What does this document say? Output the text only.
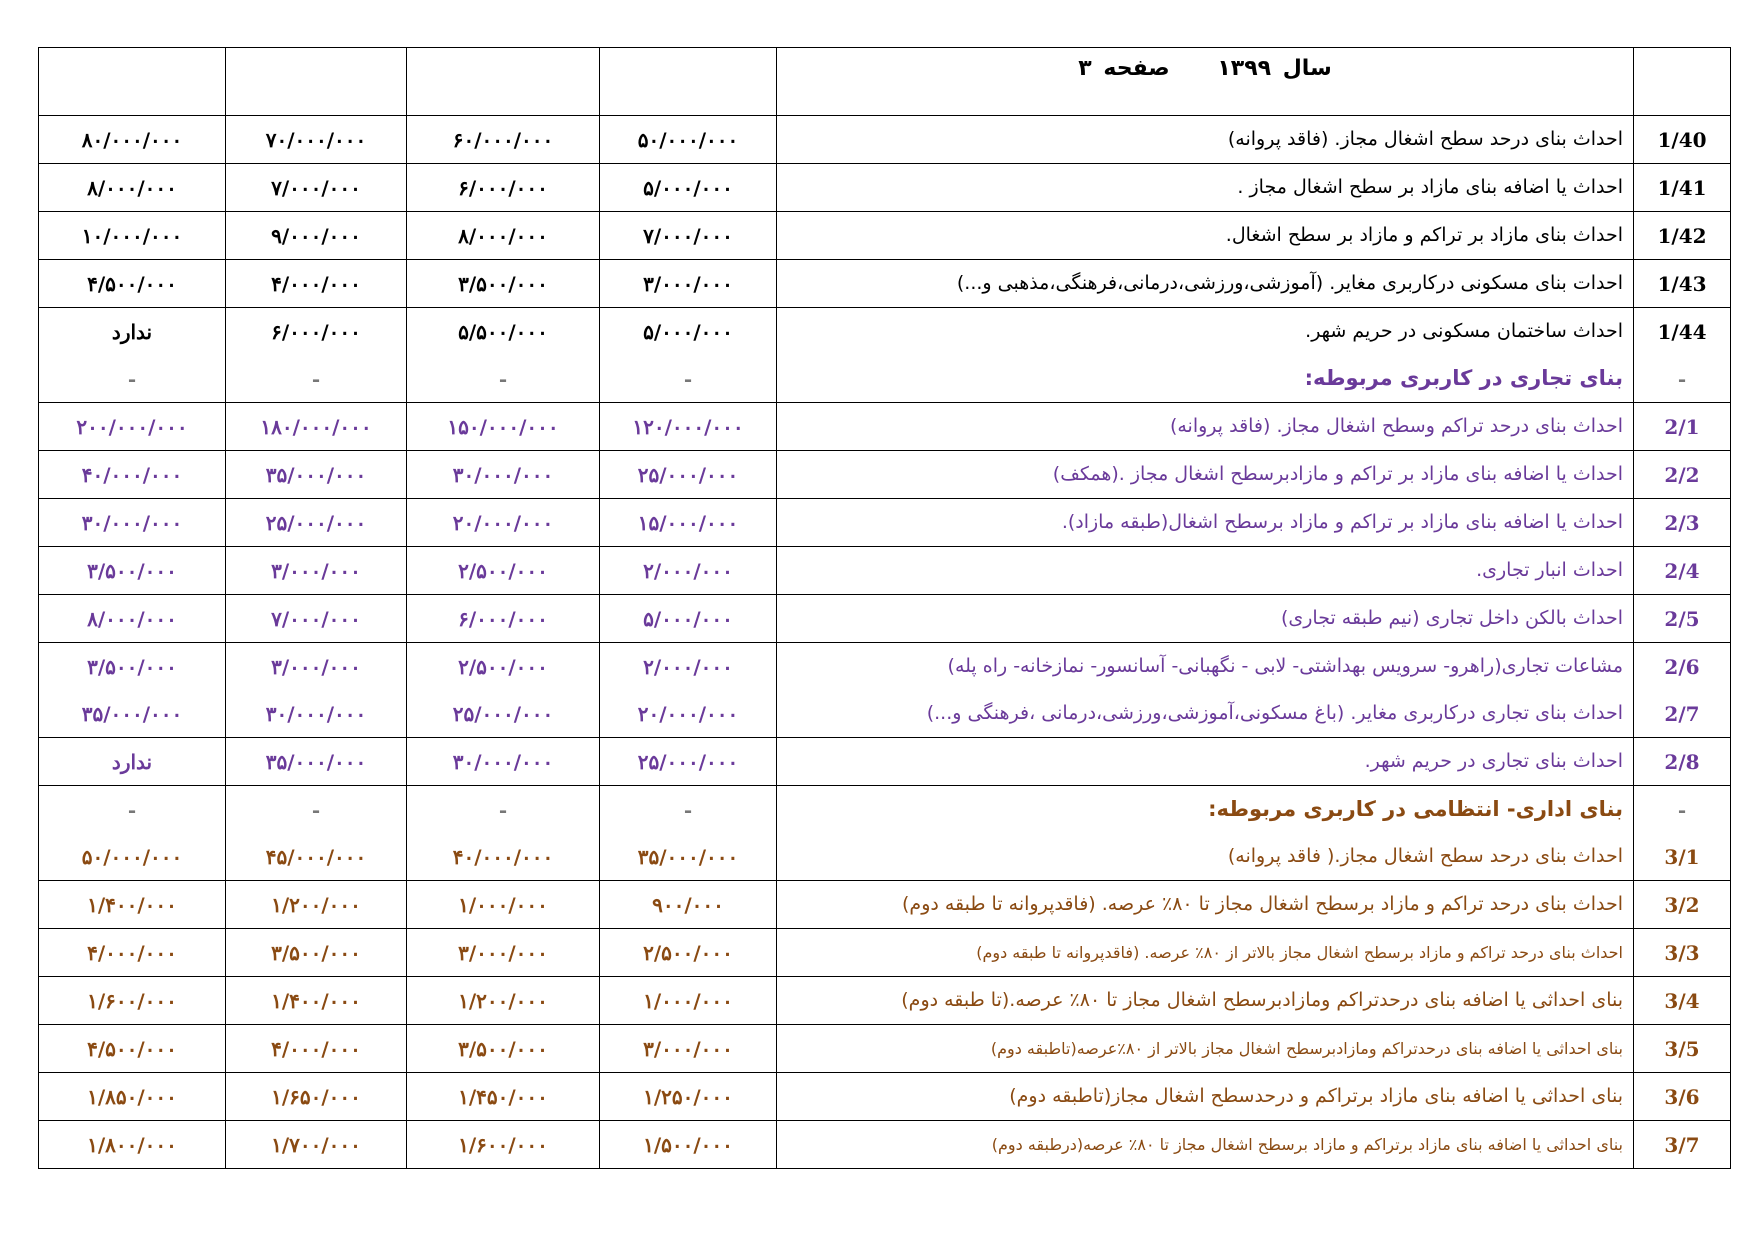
				سال ۱۳۹۹ صفحه ۳	

۸۰/۰۰۰/۰۰۰	۷۰/۰۰۰/۰۰۰	۶۰/۰۰۰/۰۰۰	۵۰/۰۰۰/۰۰۰	احداث بنای درحد سطح اشغال مجاز. (فاقد پروانه)	1/40
۸/۰۰۰/۰۰۰	۷/۰۰۰/۰۰۰	۶/۰۰۰/۰۰۰	۵/۰۰۰/۰۰۰	احداث یا اضافه بنای مازاد بر سطح اشغال مجاز .	1/41
۱۰/۰۰۰/۰۰۰	۹/۰۰۰/۰۰۰	۸/۰۰۰/۰۰۰	۷/۰۰۰/۰۰۰	احداث بنای مازاد بر تراکم و مازاد بر سطح اشغال.	1/42
۴/۵۰۰/۰۰۰	۴/۰۰۰/۰۰۰	۳/۵۰۰/۰۰۰	۳/۰۰۰/۰۰۰	احدات بنای مسکونی درکاربری مغایر. (آموزشی،ورزشی،درمانی،فرهنگی،مذهبی و...)	1/43
ندارد	۶/۰۰۰/۰۰۰	۵/۵۰۰/۰۰۰	۵/۰۰۰/۰۰۰	احداث ساختمان مسکونی در حریم شهر.	1/44
-	-	-	-	بنای تجاری در کاربری مربوطه:	-
۲۰۰/۰۰۰/۰۰۰	۱۸۰/۰۰۰/۰۰۰	۱۵۰/۰۰۰/۰۰۰	۱۲۰/۰۰۰/۰۰۰	احداث بنای درحد تراکم وسطح اشغال مجاز. (فاقد پروانه)	2/1
۴۰/۰۰۰/۰۰۰	۳۵/۰۰۰/۰۰۰	۳۰/۰۰۰/۰۰۰	۲۵/۰۰۰/۰۰۰	احداث یا اضافه بنای مازاد بر تراکم و مازادبرسطح اشغال مجاز .(همکف)	2/2
۳۰/۰۰۰/۰۰۰	۲۵/۰۰۰/۰۰۰	۲۰/۰۰۰/۰۰۰	۱۵/۰۰۰/۰۰۰	احداث یا اضافه بنای مازاد بر تراکم و مازاد برسطح اشغال(طبقه مازاد).	2/3
۳/۵۰۰/۰۰۰	۳/۰۰۰/۰۰۰	۲/۵۰۰/۰۰۰	۲/۰۰۰/۰۰۰	احداث انبار تجاری.	2/4
۸/۰۰۰/۰۰۰	۷/۰۰۰/۰۰۰	۶/۰۰۰/۰۰۰	۵/۰۰۰/۰۰۰	احداث بالکن داخل تجاری (نیم طبقه تجاری)	2/5
۳/۵۰۰/۰۰۰	۳/۰۰۰/۰۰۰	۲/۵۰۰/۰۰۰	۲/۰۰۰/۰۰۰	مشاعات تجاری(راهرو- سرویس بهداشتی- لابی - نگهبانی- آسانسور- نمازخانه- راه پله)	2/6
۳۵/۰۰۰/۰۰۰	۳۰/۰۰۰/۰۰۰	۲۵/۰۰۰/۰۰۰	۲۰/۰۰۰/۰۰۰	احداث بنای تجاری درکاربری مغایر. (باغ مسکونی،آموزشی،ورزشی،درمانی ،فرهنگی و...)	2/7
ندارد	۳۵/۰۰۰/۰۰۰	۳۰/۰۰۰/۰۰۰	۲۵/۰۰۰/۰۰۰	احداث بنای تجاری در حریم شهر.	2/8
-	-	-	-	بنای اداری- انتظامی در کاربری مربوطه:	-
۵۰/۰۰۰/۰۰۰	۴۵/۰۰۰/۰۰۰	۴۰/۰۰۰/۰۰۰	۳۵/۰۰۰/۰۰۰	احداث بنای درحد سطح اشغال مجاز.( فاقد پروانه)	3/1
۱/۴۰۰/۰۰۰	۱/۲۰۰/۰۰۰	۱/۰۰۰/۰۰۰	۹۰۰/۰۰۰	احداث بنای درحد تراکم و مازاد برسطح اشغال مجاز تا ۸۰٪ عرصه. (فاقدپروانه تا طبقه دوم)	3/2
۴/۰۰۰/۰۰۰	۳/۵۰۰/۰۰۰	۳/۰۰۰/۰۰۰	۲/۵۰۰/۰۰۰	احداث بنای درحد تراکم و مازاد برسطح اشغال مجاز بالاتر از ۸۰٪ عرصه. (فاقدپروانه تا طبقه دوم)	3/3
۱/۶۰۰/۰۰۰	۱/۴۰۰/۰۰۰	۱/۲۰۰/۰۰۰	۱/۰۰۰/۰۰۰	بنای احداثی یا اضافه بنای درحدتراکم ومازادبرسطح اشغال مجاز تا ۸۰٪ عرصه.(تا طبقه دوم)	3/4
۴/۵۰۰/۰۰۰	۴/۰۰۰/۰۰۰	۳/۵۰۰/۰۰۰	۳/۰۰۰/۰۰۰	بنای احداثی یا اضافه بنای درحدتراکم ومازادبرسطح اشغال مجاز بالاتر از ۸۰٪عرصه(تاطبقه دوم)	3/5
۱/۸۵۰/۰۰۰	۱/۶۵۰/۰۰۰	۱/۴۵۰/۰۰۰	۱/۲۵۰/۰۰۰	بنای احداثی یا اضافه بنای مازاد برتراکم و درحدسطح اشغال مجاز(تاطبقه دوم)	3/6
۱/۸۰۰/۰۰۰	۱/۷۰۰/۰۰۰	۱/۶۰۰/۰۰۰	۱/۵۰۰/۰۰۰	بنای احداثی یا اضافه بنای مازاد برتراکم و مازاد برسطح اشغال مجاز تا ۸۰٪ عرصه(درطبقه دوم)	3/7
